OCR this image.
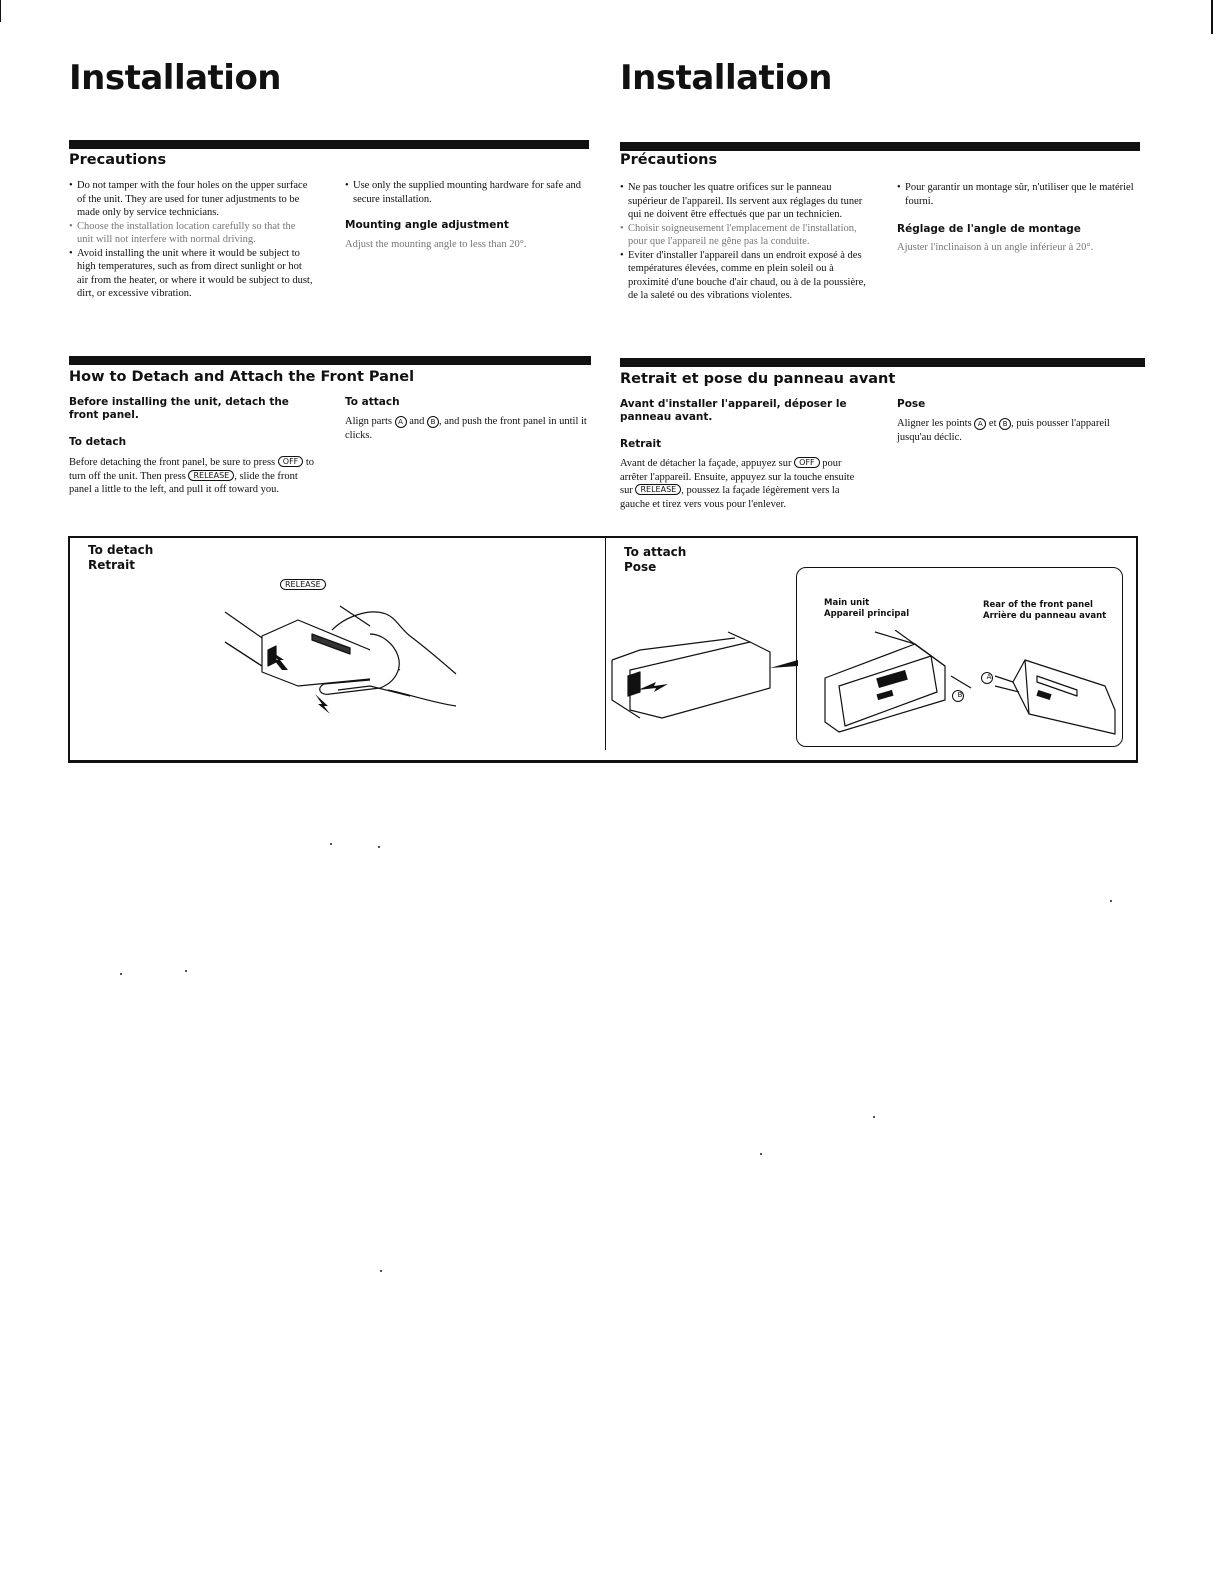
Installation	Installation
Precautions
• Do not tamper with the four holes on the upper surface of the unit. They are used for tuner adjustments to be made only by service technicians.
• Choose the installation location carefully so that the unit will not interfere with normal driving.
• Avoid installing the unit where it would be subject to high temperatures, such as from direct sunlight or hot air from the heater, or where it would be subject to dust, dirt, or excessive vibration.
• Use only the supplied mounting hardware for safe and secure installation.
Mounting angle adjustment

Adjust the mounting angle to less than 20°.

Précautions
• Ne pas toucher les quatre orifices sur le panneau supérieur de l'appareil. Ils servent aux réglages du tuner qui ne doivent être effectués que par un technicien.
• Choisir soigneusement l'emplacement de l'installation, pour que l'appareil ne gêne pas la conduite.
• Eviter d'installer l'appareil dans un endroit exposé à des températures élevées, comme en plein soleil ou à proximité d'une bouche d'air chaud, ou à de la poussière, de la saleté ou des vibrations violentes.
• Pour garantir un montage sûr, n'utiliser que le matériel fourni.
Réglage de l'angle de montage

Ajuster l'inclinaison à un angle inférieur à 20°.

How to Detach and Attach the Front Panel

Before installing the unit, detach the front panel.

To detach

Before detaching the front panel, be sure to press OFF to turn off the unit. Then press RELEASE , slide the front panel a little to the left, and pull it off toward you.

To attach

Align parts A and B , and push the front panel in until it clicks.

Retrait et pose du panneau avant

Avant d'installer l'appareil, déposer le panneau avant.

Retrait

Avant de détacher la façade, appuyez sur OFF pour arrêter l'appareil. Ensuite, appuyez sur la touche ensuite sur RELEASE , poussez la façade légèrement vers la gauche et tirez vers vous pour l'enlever.

Pose

Aligner les points A et B , puis pousser l'appareil jusqu'au déclic.

To detach

Retrait

RELEASE

To attach

Pose

Main unit

Appareil principal

Rear of the front panel

Arrière du panneau avant

B
A
